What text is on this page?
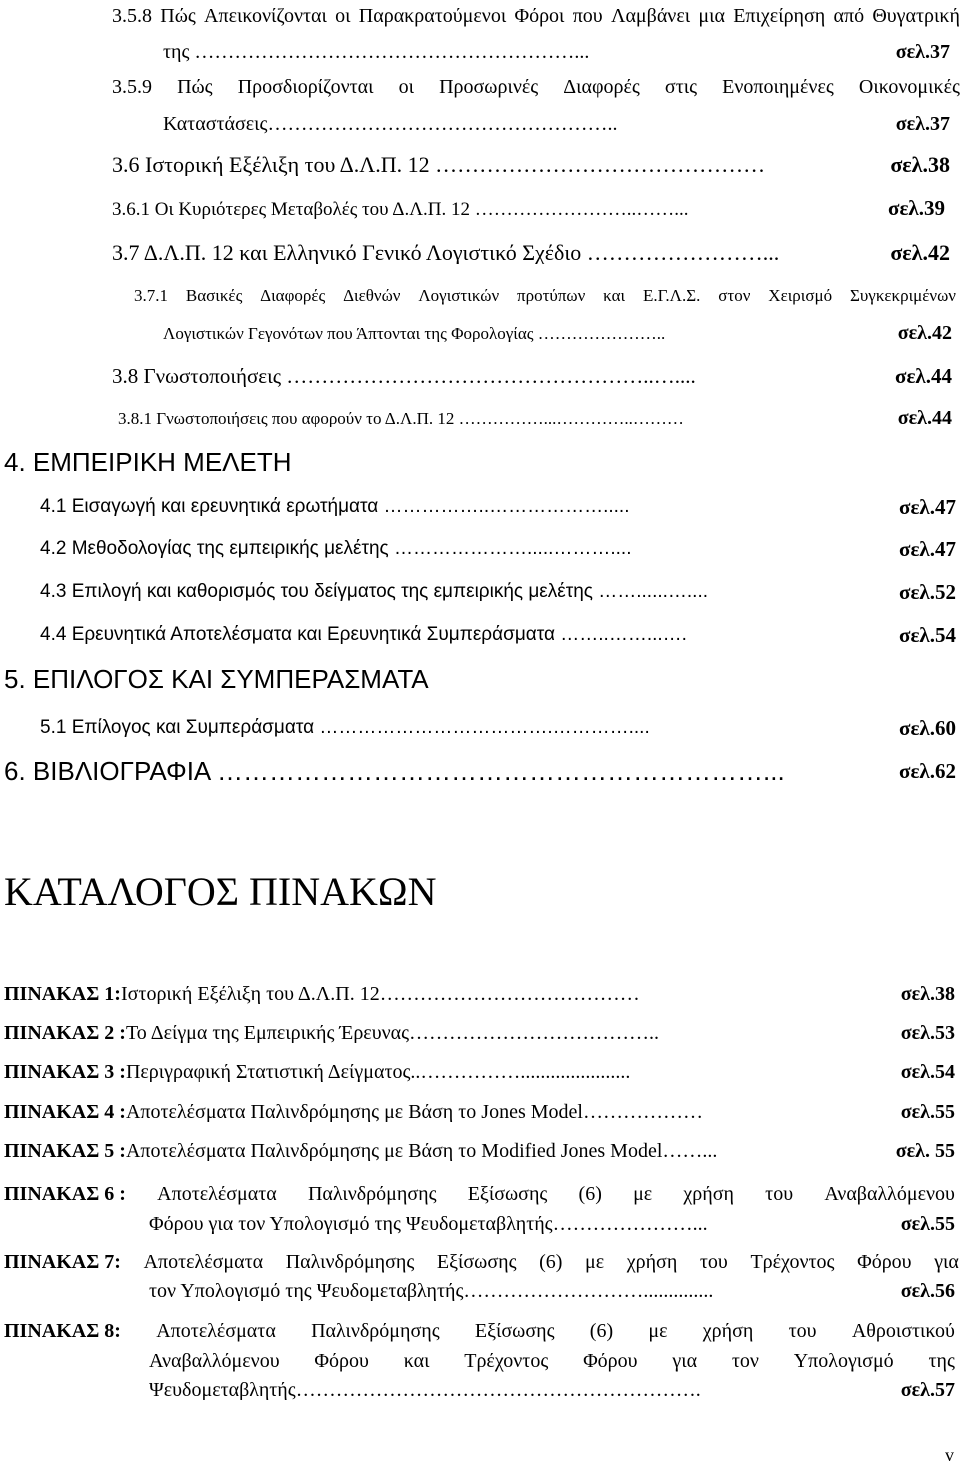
3.5.8 Πώς Απεικονίζονται οι Παρακρατούμενοι Φόροι που Λαμβάνει μια Επιχείρηση από Θυγατρική
της …………………………………………………...	σελ.37
3.5.9 Πώς Προσδιορίζονται οι Προσωρινές Διαφορές στις Ενοποιημένες Οικονομικές
Καταστάσεις……………………………………………..	σελ.37
3.6 Ιστορική Εξέλιξη του Δ.Λ.Π. 12 ………………………………………	σελ.38
3.6.1 Οι Κυριότερες Μεταβολές του Δ.Λ.Π. 12 ……………………..……...	σελ.39
3.7 Δ.Λ.Π. 12 και Ελληνικό Γενικό Λογιστικό Σχέδιο ……………………...	σελ.42
3.7.1 Βασικές Διαφορές Διεθνών Λογιστικών προτύπων και Ε.Γ.Λ.Σ. στον Χειρισμό Συγκεκριμένων
Λογιστικών Γεγονότων που Άπτονται της Φορολογίας …………………..	σελ.42
3.8 Γνωστοποιήσεις ……………………………………………..…....	σελ.44
3.8.1 Γνωστοποιήσεις που αφορούν το Δ.Λ.Π. 12 ……………...…………..………	σελ.44
4. ΕΜΠΕΙΡΙΚΗ ΜΕΛΕΤΗ
4.1 Εισαγωγή και ερευνητικά ερωτήματα ……………..……………….....	σελ.47
4.2 Μεθοδολογίας της εμπειρικής μελέτης ………………….....………....	σελ.47
4.3 Επιλογή και καθορισμός του δείγματος της εμπειρικής μελέτης ……......…....	σελ.52
4.4 Ερευνητικά Αποτελέσματα και Ερευνητικά Συμπεράσματα ……..……...….	σελ.54
5. ΕΠΙΛΟΓΟΣ ΚΑΙ ΣΥΜΠΕΡΑΣΜΑΤΑ
5.1 Επίλογος και Συμπεράσματα ……………………………….…………....	σελ.60
6. ΒΙΒΛΙΟΓΡΑΦΙΑ ………………………………………………………...	σελ.62
ΚΑΤΑΛΟΓΟΣ ΠΙΝΑΚΩΝ
ΠΙΝΑΚΑΣ 1:Ιστορική Εξέλιξη του Δ.Λ.Π. 12…………………………………	σελ.38
ΠΙΝΑΚΑΣ 2 :Το Δείγμα της Εμπειρικής Έρευνας………………………………..	σελ.53
ΠΙΝΑΚΑΣ 3 :Περιγραφική Στατιστική Δείγματος..……………......................	σελ.54
ΠΙΝΑΚΑΣ 4 :Αποτελέσματα Παλινδρόμησης με Βάση το Jones Model………………	σελ.55
ΠΙΝΑΚΑΣ 5 :Αποτελέσματα Παλινδρόμησης με Βάση το Modified Jones Model……...	σελ. 55
ΠΙΝΑΚΑΣ 6 : Αποτελέσματα Παλινδρόμησης Εξίσωσης (6) με χρήση του Αναβαλλόμενου
Φόρου για τον Υπολογισμό της Ψευδομεταβλητής…………………...	σελ.55
ΠΙΝΑΚΑΣ 7: Αποτελέσματα Παλινδρόμησης Εξίσωσης (6) με χρήση του Τρέχοντος Φόρου για
τον Υπολογισμό της Ψευδομεταβλητής………………………..............	σελ.56
ΠΙΝΑΚΑΣ 8: Αποτελέσματα Παλινδρόμησης Εξίσωσης (6) με χρήση του Αθροιστικού
Αναβαλλόμενου Φόρου και Τρέχοντος Φόρου για τον Υπολογισμό της
Ψευδομεταβλητής…………………………………………………….	σελ.57
v
